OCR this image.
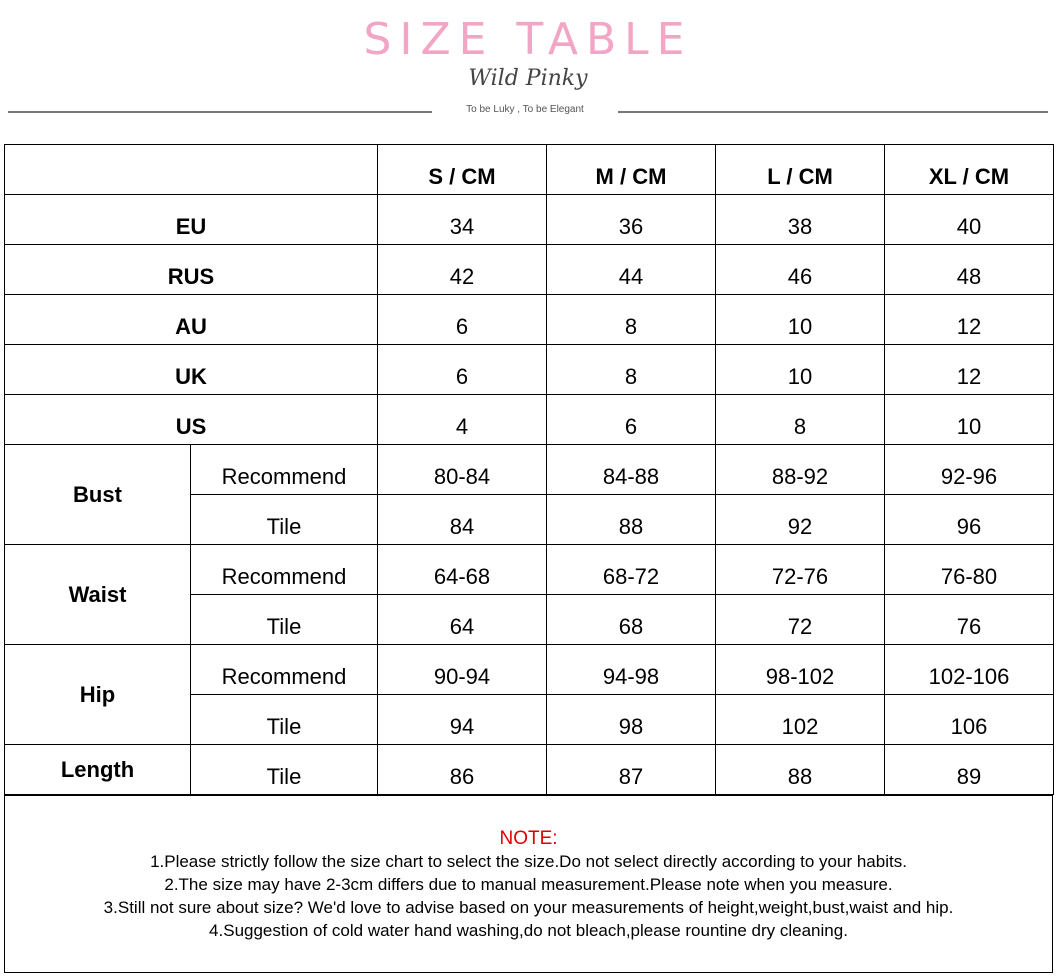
SIZE TABLE
Wild Pinky
To be Luky , To be Elegant
		S / CM	M / CM	L / CM	XL / CM
EU		34	36	38	40
RUS		42	44	46	48
AU		6	8	10	12
UK		6	8	10	12
US		4	6	8	10
Bust	Recommend	80-84	84-88	88-92	92-96
	Tile	84	88	92	96
Waist	Recommend	64-68	68-72	72-76	76-80
	Tile	64	68	72	76
Hip	Recommend	90-94	94-98	98-102	102-106
	Tile	94	98	102	106
Length	Tile	86	87	88	89
NOTE:
1.Please strictly follow the size chart to select the size.Do not select directly according to your habits.
2.The size may have 2-3cm differs due to manual measurement.Please note when you measure.
3.Still not sure about size? We'd love to advise based on your measurements of height,weight,bust,waist and hip.
4.Suggestion of cold water hand washing,do not bleach,please rountine dry cleaning.
